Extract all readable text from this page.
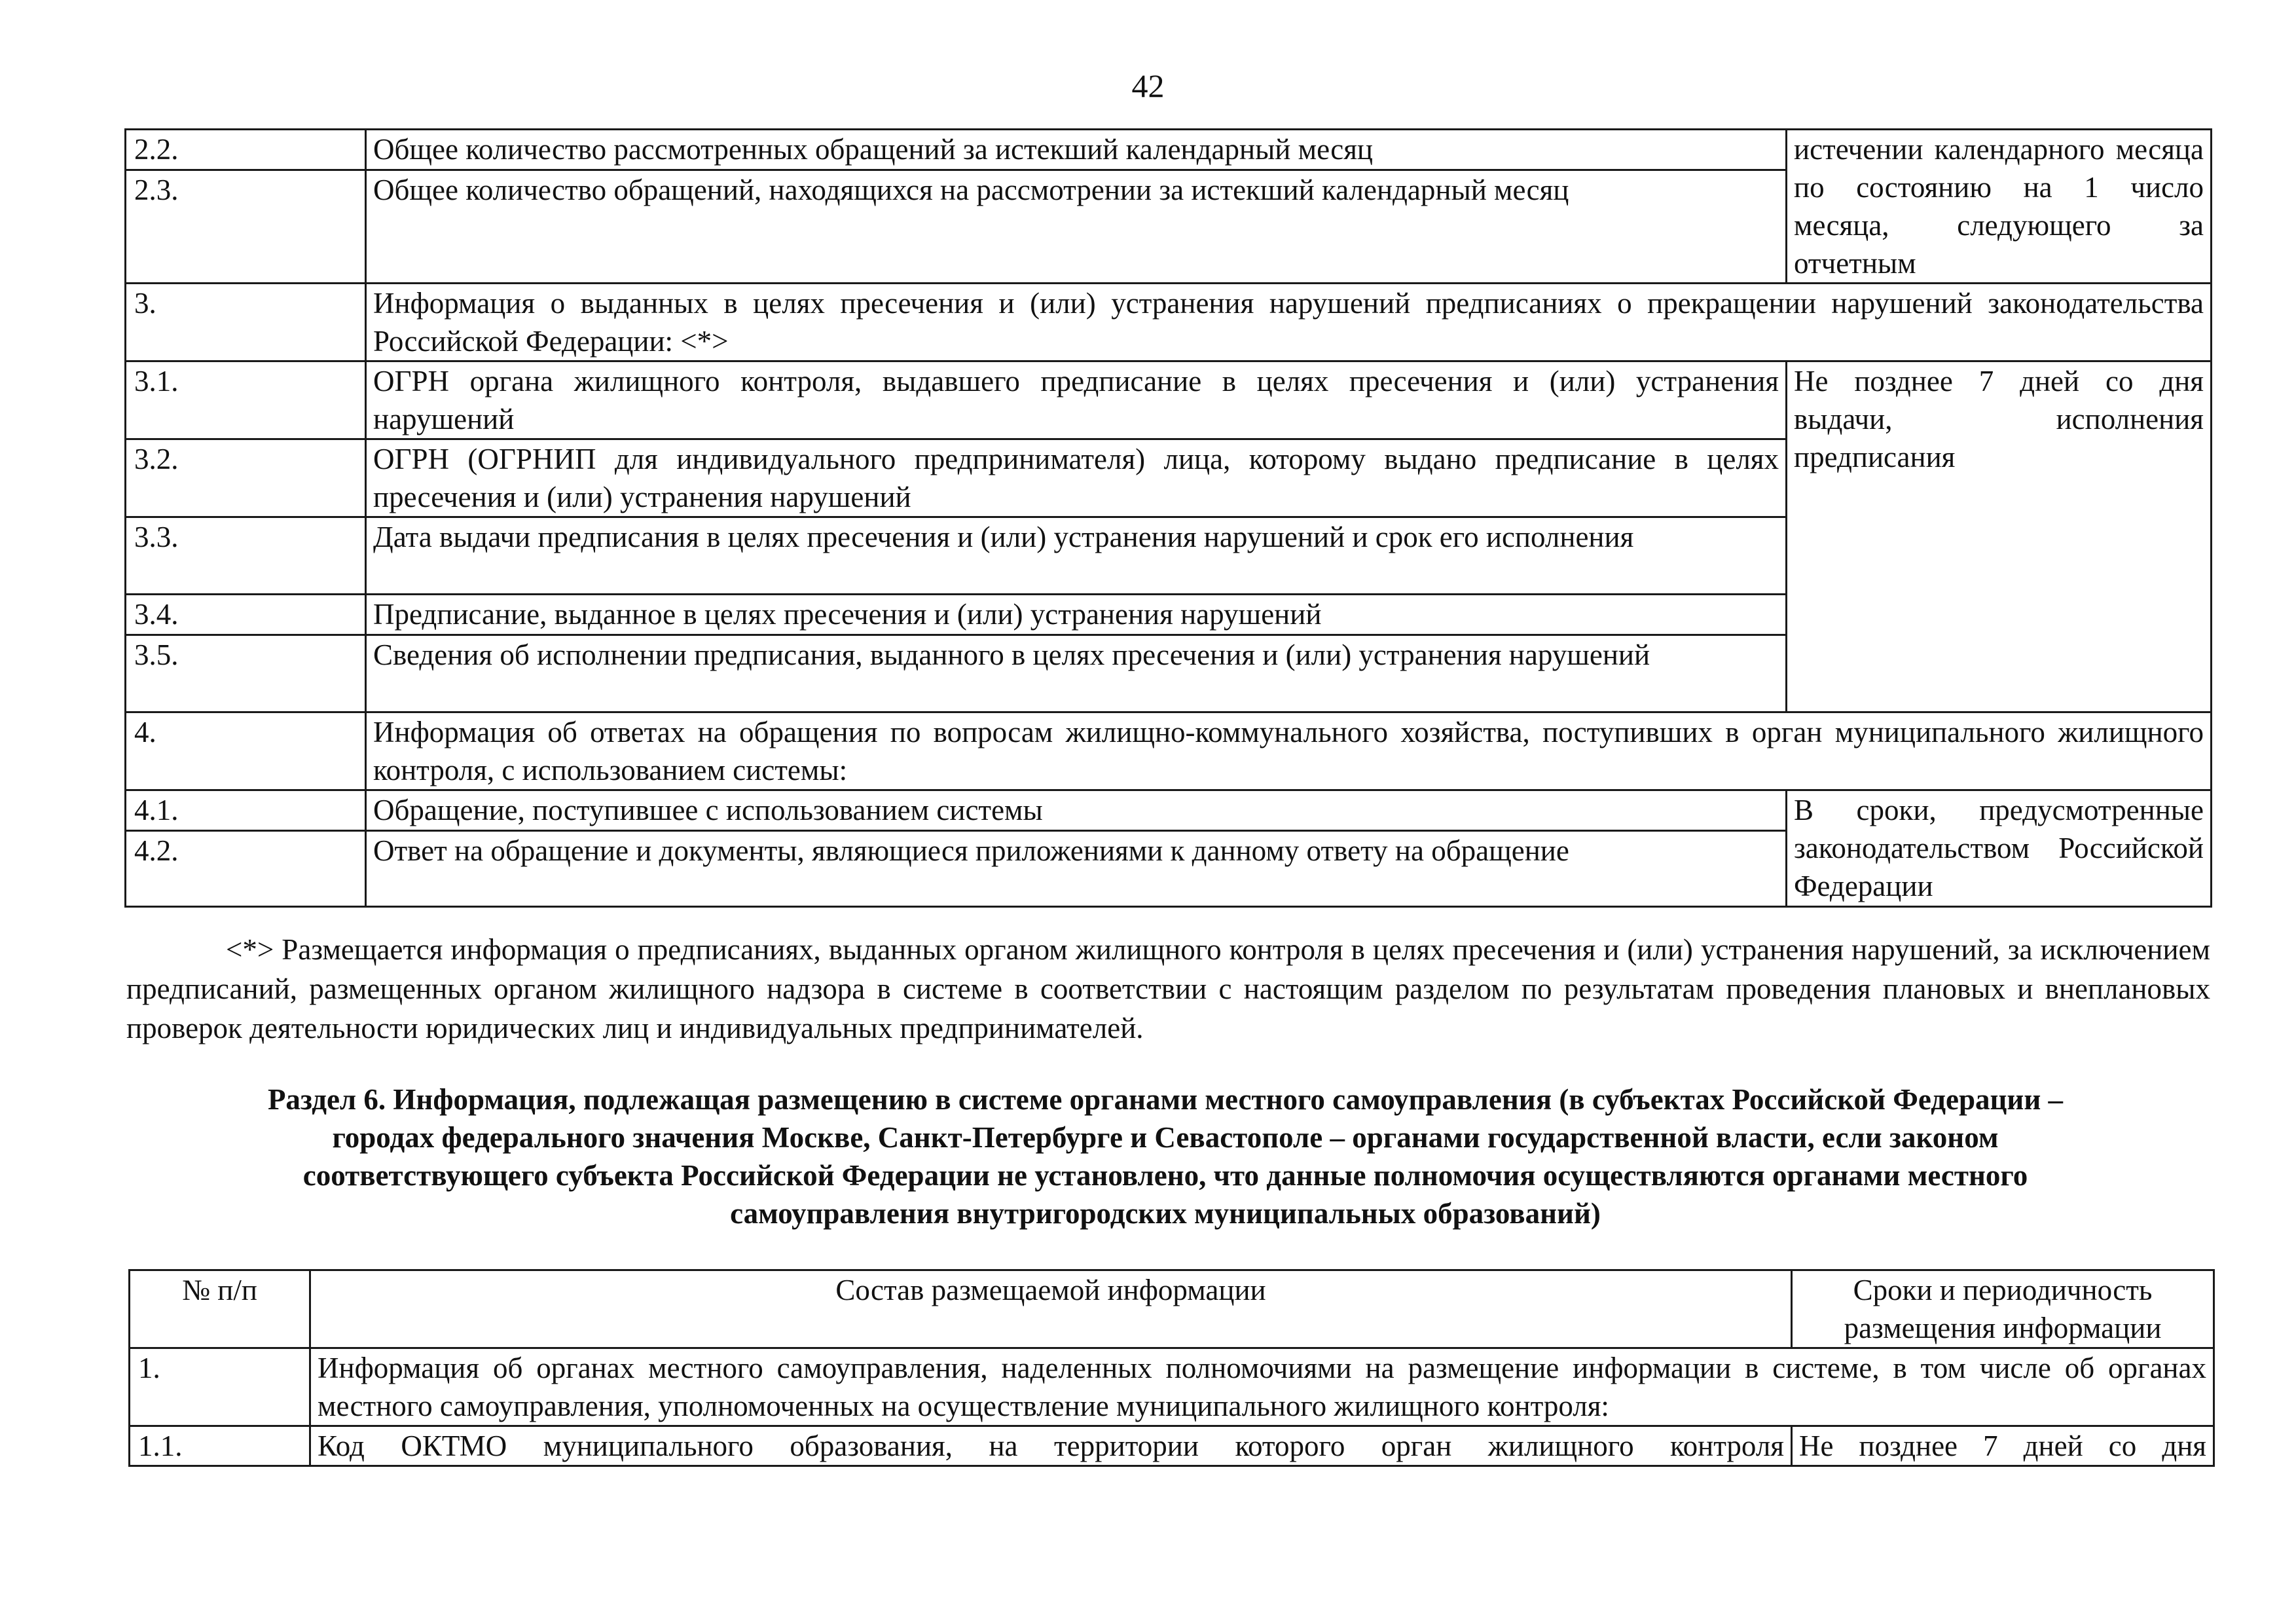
42
2.2.	Общее количество рассмотренных обращений за истекший календарный месяц	истечении календарного месяца по состоянию на 1 число месяца, следующего за отчетным
2.3.	Общее количество обращений, находящихся на рассмотрении за истекший календарный месяц	
3.	Информация о выданных в целях пресечения и (или) устранения нарушений предписаниях о прекращении нарушений законодательства Российской Федерации: <*>	
3.1.	ОГРН органа жилищного контроля, выдавшего предписание в целях пресечения и (или) устранения нарушений	Не позднее 7 дней со дня выдачи, исполнения предписания
3.2.	ОГРН (ОГРНИП для индивидуального предпринимателя) лица, которому выдано предписание в целях пресечения и (или) устранения нарушений	
3.3.	Дата выдачи предписания в целях пресечения и (или) устранения нарушений и срок его исполнения	
3.4.	Предписание, выданное в целях пресечения и (или) устранения нарушений	
3.5.	Сведения об исполнении предписания, выданного в целях пресечения и (или) устранения нарушений	
4.	Информация об ответах на обращения по вопросам жилищно-коммунального хозяйства, поступивших в орган муниципального жилищного контроля, с использованием системы:	
4.1.	Обращение, поступившее с использованием системы	В сроки, предусмотренные законодательством Российской Федерации
4.2.	Ответ на обращение и документы, являющиеся приложениями к данному ответу на обращение	

<*> Размещается информация о предписаниях, выданных органом жилищного контроля в целях пресечения и (или) устранения нарушений, за исключением предписаний, размещенных органом жилищного надзора в системе в соответствии с настоящим разделом по результатам проведения плановых и внеплановых проверок деятельности юридических лиц и индивидуальных предпринимателей.

Раздел 6. Информация, подлежащая размещению в системе органами местного самоуправления (в субъектах Российской Федерации –
городах федерального значения Москве, Санкт-Петербурге и Севастополе – органами государственной власти, если законом
соответствующего субъекта Российской Федерации не установлено, что данные полномочия осуществляются органами местного
самоуправления внутригородских муниципальных образований)
№ п/п	Состав размещаемой информации	Сроки и периодичность размещения информации
1.	Информация об органах местного самоуправления, наделенных полномочиями на размещение информации в системе, в том числе об органах местного самоуправления, уполномоченных на осуществление муниципального жилищного контроля:	
1.1.	Код ОКТМО муниципального образования, на территории которого орган жилищного контроля	Не позднее 7 дней со дня
